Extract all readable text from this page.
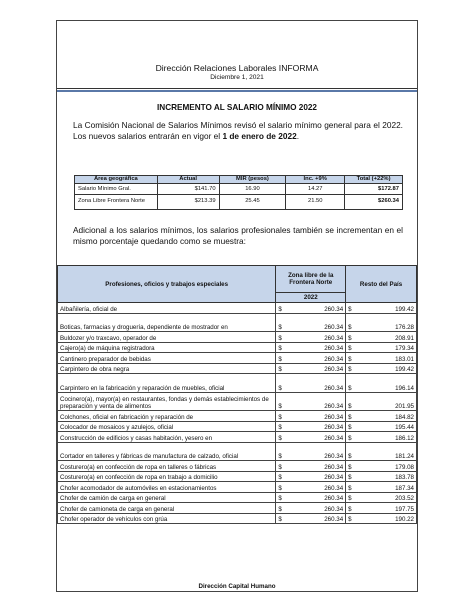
Dirección Relaciones Laborales INFORMA
Diciembre 1, 2021
INCREMENTO AL SALARIO MÍNIMO 2022
La Comisión Nacional de Salarios Mínimos revisó el salario mínimo general para el 2022. Los nuevos salarios entrarán en vigor el 1 de enero de 2022.
Área geográfica	Actual	MIR (pesos)	Inc. +9%	Total (+22%)
Salario Mínimo Gral.	$141.70	16.90	14.27	$172.87
Zona Libre Frontera Norte	$213.39	25.45	21.50	$260.34
Adicional a los salarios mínimos, los salarios profesionales también se incrementan en el mismo porcentaje quedando como se muestra:
Profesiones, oficios y trabajos especiales	Zona libre de la Frontera Norte	Resto del País
	2022	
Albañilería, oficial de	$ 260.34	$ 199.42

Boticas, farmacias y droguería, dependiente de mostrador en	$ 260.34	$ 176.28

Buldozer y/o traxcavo, operador de	$ 260.34	$ 208.91

Cajero(a) de máquina registradora	$ 260.34	$ 179.34

Cantinero preparador de bebidas	$ 260.34	$ 183.01

Carpintero de obra negra	$ 260.34	$ 199.42

Carpintero en la fabricación y reparación de muebles, oficial	$ 260.34	$ 196.14

Cocinero(a), mayor(a) en restaurantes, fondas y demás establecimientos de preparación y venta de alimentos	$ 260.34	$ 201.95

Colchones, oficial en fabricación y reparación de	$ 260.34	$ 184.82

Colocador de mosaicos y azulejos, oficial	$ 260.34	$ 195.44

Construcción de edificios y casas habitación, yesero en	$ 260.34	$ 186.12

Cortador en talleres y fábricas de manufactura de calzado, oficial	$ 260.34	$ 181.24

Costurero(a) en confección de ropa en talleres o fábricas	$ 260.34	$ 179.08

Costurero(a) en confección de ropa en trabajo a domicilio	$ 260.34	$ 183.78

Chofer acomodador de automóviles en estacionamientos	$ 260.34	$ 187.34

Chofer de camión de carga en general	$ 260.34	$ 203.52

Chofer de camioneta de carga en general	$ 260.34	$ 197.75

Chofer operador de vehículos con grúa	$ 260.34	$ 190.22
Dirección Capital Humano
